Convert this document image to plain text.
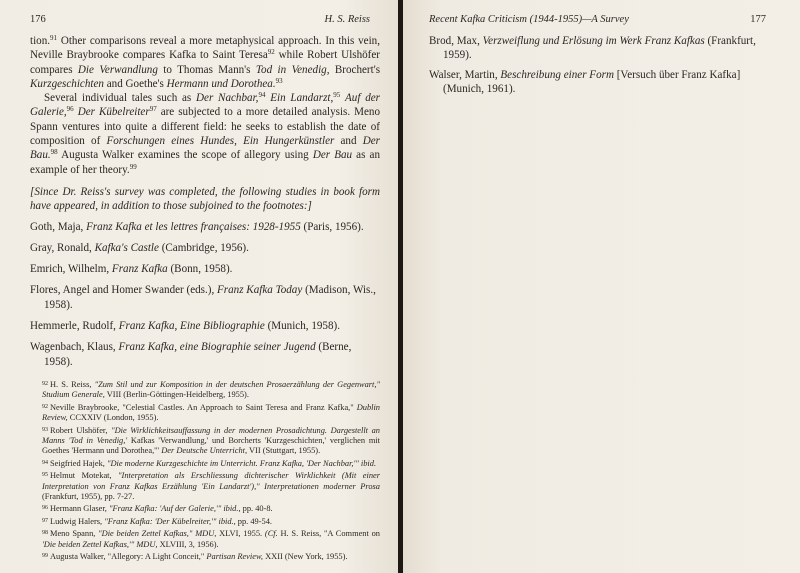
176	H. S. Reiss

tion.$^{91}$ Other comparisons reveal a more metaphysical approach. In this vein, Neville Braybrooke compares Kafka to Saint Teresa$^{92}$ while Robert Ulshöfer compares Die Verwandlung to Thomas Mann's Tod in Venedig, Brochert's Kurzgeschichten and Goethe's Hermann und Dorothea.$^{93}$

Several individual tales such as Der Nachbar,$^{94}$ Ein Landarzt,$^{95}$ Auf der Galerie,$^{96}$ Der Kübelreiter$^{97}$ are subjected to a more detailed analysis. Meno Spann ventures into quite a different field: he seeks to establish the date of composition of Forschungen eines Hundes, Ein Hungerkünstler and Der Bau.$^{98}$ Augusta Walker examines the scope of allegory using Der Bau as an example of her theory.$^{99}$

[Since Dr. Reiss's survey was completed, the following studies in book form have appeared, in addition to those subjoined to the footnotes:]

Goth, Maja, Franz Kafka et les lettres françaises: 1928-1955 (Paris, 1956).
Gray, Ronald, Kafka's Castle (Cambridge, 1956).
Emrich, Wilhelm, Franz Kafka (Bonn, 1958).
Flores, Angel and Homer Swander (eds.), Franz Kafka Today (Madison, Wis., 1958).
Hemmerle, Rudolf, Franz Kafka, Eine Bibliographie (Munich, 1958).
Wagenbach, Klaus, Franz Kafka, eine Biographie seiner Jugend (Berne, 1958).

$^{92}$ H. S. Reiss, "Zum Stil und zur Komposition in der deutschen Prosaerzählung der Gegenwart," Studium Generale, VIII (Berlin-Göttingen-Heidelberg, 1955).

$^{92}$ Neville Braybrooke, "Celestial Castles. An Approach to Saint Teresa and Franz Kafka," Dublin Review, CCXXIV (London, 1955).

$^{93}$ Robert Ulshöfer, "Die Wirklichkeitsauffassung in der modernen Prosadichtung. Dargestellt an Manns 'Tod in Venedig,' Kafkas 'Verwandlung,' und Borcherts 'Kurzgeschichten,' verglichen mit Goethes 'Hermann und Dorothea,'" Der Deutsche Unterricht, VII (Stuttgart, 1955).

$^{94}$ Seigfried Hajek, "Die moderne Kurzgeschichte im Unterricht. Franz Kafka, 'Der Nachbar,'" ibid.

$^{95}$ Helmut Motekat, "Interpretation als Erschliessung dichterischer Wirklichkeit (Mit einer Interpretation von Franz Kafkas Erzählung 'Ein Landarzt')," Interpretationen moderner Prosa (Frankfurt, 1955), pp. 7-27.

$^{96}$ Hermann Glaser, "Franz Kafka: 'Auf der Galerie,'" ibid., pp. 40-8.

$^{97}$ Ludwig Halers, "Franz Kafka: 'Der Kübelreiter,'" ibid., pp. 49-54.

$^{98}$ Meno Spann, "Die beiden Zettel Kafkas," MDU, XLVI, 1955. (Cf. H. S. Reiss, "A Comment on 'Die beiden Zettel Kafkas,'" MDU, XLVIII, 3, 1956).

$^{99}$ Augusta Walker, "Allegory: A Light Conceit," Partisan Review, XXII (New York, 1955).

Recent Kafka Criticism (1944-1955)—A Survey	177
Brod, Max, Verzweiflung und Erlösung im Werk Franz Kafkas (Frankfurt, 1959).
Walser, Martin, Beschreibung einer Form [Versuch über Franz Kafka] (Munich, 1961).
